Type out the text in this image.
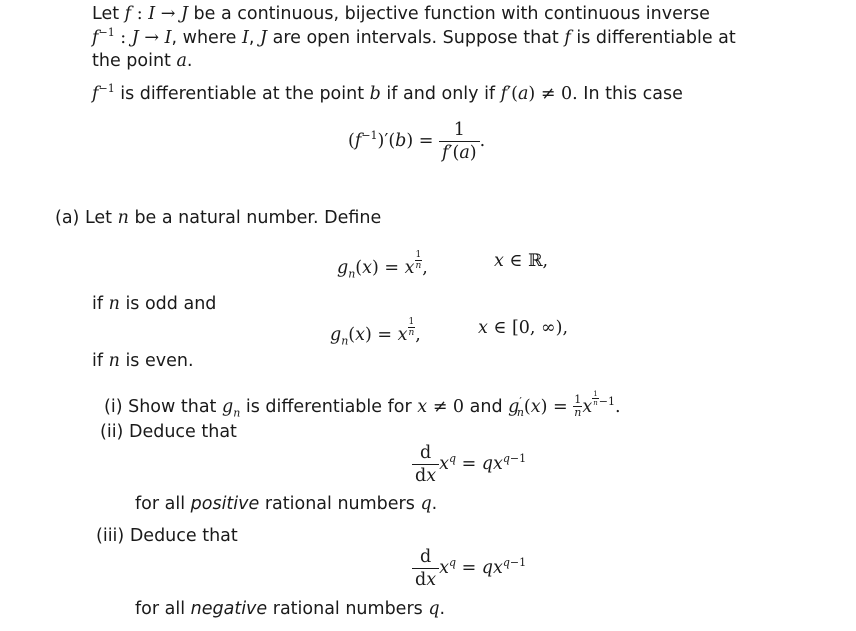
Let f : I → J be a continuous, bijective function with continuous inverse
$f^{-1}$ : J → I, where I, J are open intervals. Suppose that f is differentiable at
the point a.
$f^{-1}$ is differentiable at the point b if and only if f′(a) ≠ 0. In this case
$(f^{-1})'(b) = \frac{1}{f'(a)}$ .
(a) Let n be a natural number. Define
$g_n(x) = x \frac{1}{n}$ ,	x ∈ ℝ,
if n is odd and
$g_n(x) = x \frac{1}{n}$ ,	x ∈ [0, ∞),
if n is even.
(i) Show that $g_n$ is differentiable for x ≠ 0 and $g'_n(x) = \frac{1}{n}$ x $^{\frac{1}{n} -1}$.
(ii) Deduce that
$\frac{d}{dx} x^q = qx^{q-1}$
for all positive rational numbers q.
(iii) Deduce that
$\frac{d}{dx} x^q = qx^{q-1}$
for all negative rational numbers q.
